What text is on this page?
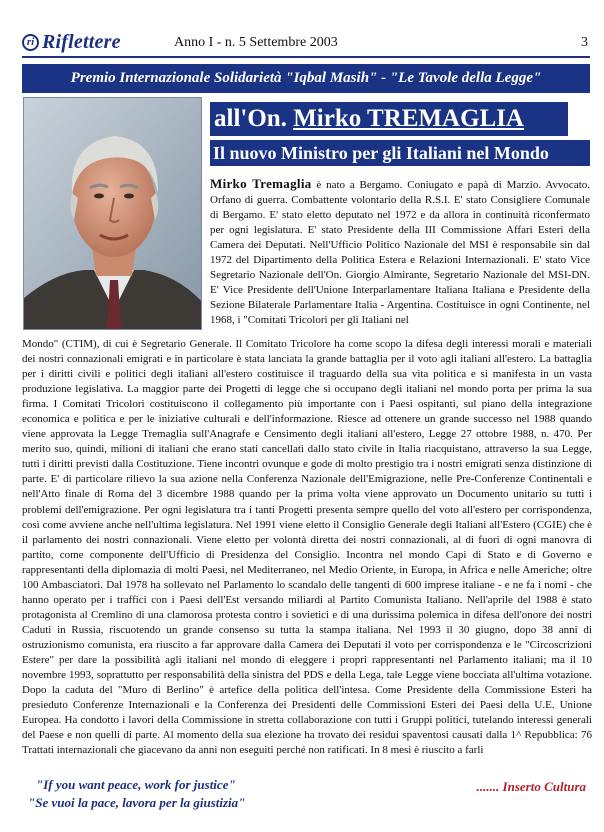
ri Riflettere	Anno I - n. 5 Settembre 2003	3
Premio Internazionale Solidarietà "Iqbal Masih" - "Le Tavole della Legge"
all'On. Mirko TREMAGLIA
Il nuovo Ministro per gli Italiani nel Mondo
Mirko Tremaglia è nato a Bergamo. Coniugato e papà di Marzio. Avvocato. Orfano di guerra. Combattente volontario della R.S.I. E' stato Consigliere Comunale di Bergamo. E' stato eletto deputato nel 1972 e da allora in continuità riconfermato per ogni legislatura. E' stato Presidente della III Commissione Affari Esteri della Camera dei Deputati. Nell'Ufficio Politico Nazionale del MSI è responsabile sin dal 1972 del Dipartimento della Politica Estera e Relazioni Internazionali. E' stato Vice Segretario Nazionale dell'On. Giorgio Almirante, Segretario Nazionale del MSI-DN. E' Vice Presidente dell'Unione Interparlamentare Italiana Italiana e Presidente della Sezione Bilaterale Parlamentare Italia - Argentina. Costituisce in ogni Continente, nel 1968, i "Comitati Tricolori per gli Italiani nel
Mondo" (CTIM), di cui è Segretario Generale. Il Comitato Tricolore ha come scopo la difesa degli interessi morali e materiali dei nostri connazionali emigrati e in particolare è stata lanciata la grande battaglia per il voto agli italiani all'estero. La battaglia per i diritti civili e politici degli italiani all'estero costituisce il traguardo della sua vita politica e si manifesta in un vasta produzione legislativa. La maggior parte dei Progetti di legge che si occupano degli italiani nel mondo porta per prima la sua firma. I Comitati Tricolori costituiscono il collegamento più importante con i Paesi ospitanti, sul piano della integrazione economica e politica e per le iniziative culturali e dell'informazione. Riesce ad ottenere un grande successo nel 1988 quando viene approvata la Legge Tremaglia sull'Anagrafe e Censimento degli italiani all'estero, Legge 27 ottobre 1988, n. 470. Per merito suo, quindi, milioni di italiani che erano stati cancellati dallo stato civile in Italia riacquistano, attraverso la sua Legge, tutti i diritti previsti dalla Costituzione. Tiene incontri ovunque e gode di molto prestigio tra i nostri emigrati senza distinzione di parte. E' di particolare rilievo la sua azione nella Conferenza Nazionale dell'Emigrazione, nelle Pre-Conferenze Continentali e nell'Atto finale di Roma del 3 dicembre 1988 quando per la prima volta viene approvato un Documento unitario su tutti i problemi dell'emigrazione. Per ogni legislatura tra i tanti Progetti presenta sempre quello del voto all'estero per corrispondenza, così come avviene anche nell'ultima legislatura. Nel 1991 viene eletto il Consiglio Generale degli Italiani all'Estero (CGIE) che è il parlamento dei nostri connazionali. Viene eletto per volontà diretta dei nostri connazionali, al di fuori di ogni manovra di partito, come componente dell'Ufficio di Presidenza del Consiglio. Incontra nel mondo Capi di Stato e di Governo e rappresentanti della diplomazia di molti Paesi, nel Mediterraneo, nel Medio Oriente, in Europa, in Africa e nelle Americhe; oltre 100 Ambasciatori. Dal 1978 ha sollevato nel Parlamento lo scandalo delle tangenti di 600 imprese italiane - e ne fa i nomi - che hanno operato per i traffici con i Paesi dell'Est versando miliardi al Partito Comunista Italiano. Nell'aprile del 1988 è stato protagonista al Cremlino di una clamorosa protesta contro i sovietici e di una durissima polemica in difesa dell'onore dei nostri Caduti in Russia, riscuotendo un grande consenso su tutta la stampa italiana. Nel 1993 il 30 giugno, dopo 38 anni di ostruzionismo comunista, era riuscito a far approvare dalla Camera dei Deputati il voto per corrispondenza e le "Circoscrizioni Estere" per dare la possibilità agli italiani nel mondo di eleggere i propri rappresentanti nel Parlamento italiani; ma il 10 novembre 1993, soprattutto per responsabilità della sinistra del PDS e della Lega, tale Legge viene bocciata all'ultima votazione. Dopo la caduta del "Muro di Berlino" è artefice della politica dell'intesa. Come Presidente della Commissione Esteri ha presieduto Conferenze Internazionali e la Conferenza dei Presidenti delle Commissioni Esteri dei Paesi della U.E. Unione Europea. Ha condotto i lavori della Commissione in stretta collaborazione con tutti i Gruppi politici, tutelando interessi generali del Paese e non quelli di parte. Al momento della sua elezione ha trovato dei residui spaventosi causati dalla 1^ Repubblica: 76 Trattati internazionali che giacevano da anni non eseguiti perché non ratificati. In 8 mesi è riuscito a farli
"If you want peace, work for justice"
"Se vuoi la pace, lavora per la giustizia"
....... Inserto Cultura
